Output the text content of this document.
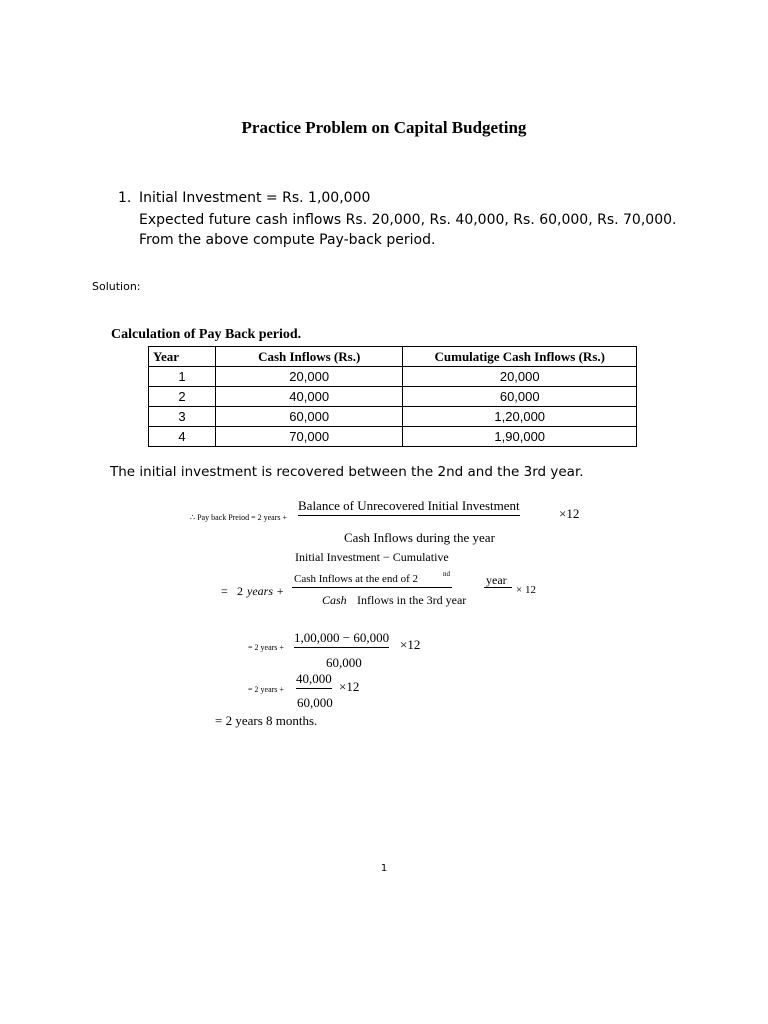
Practice Problem on Capital Budgeting
1. Initial Investment = Rs. 1,00,000
Expected future cash inflows Rs. 20,000, Rs. 40,000, Rs. 60,000, Rs. 70,000.
From the above compute Pay-back period.
Solution:
Calculation of Pay Back period.
Year	Cash Inflows (Rs.)	Cumulatige Cash Inflows (Rs.)
1	20,000	20,000
2	40,000	60,000
3	60,000	1,20,000
4	70,000	1,90,000
The initial investment is recovered between the 2nd and the 3rd year.
∴ Pay back Preiod = 2 years +
Balance of Unrecovered Initial Investment
×12
Cash Inflows during the year
Initial Investment − Cumulative
= 2 years +
Cash Inflows at the end of 2	nd	year
Cash Inflows in the 3rd year
× 12
= 2 years +
1,00,000 − 60,000 ×12
60,000
= 2 years +
40,000
×12
60,000
= 2 years 8 months.
1
